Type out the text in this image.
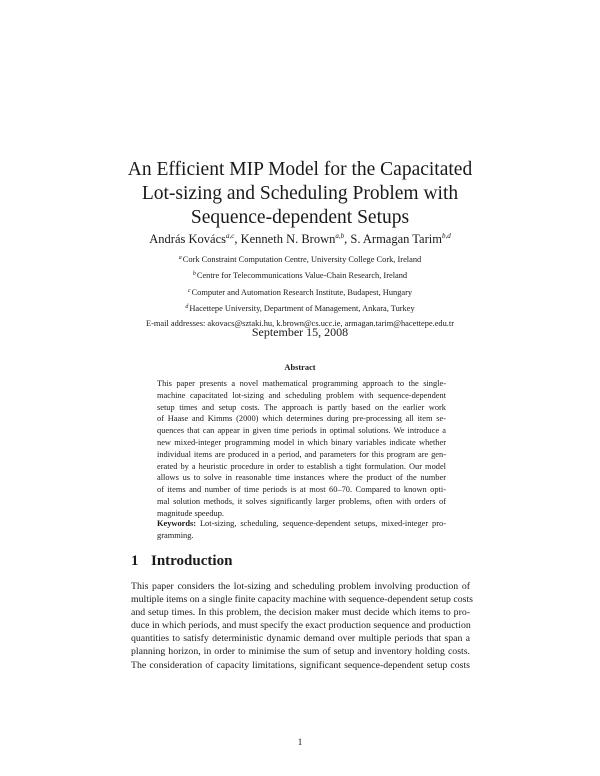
An Efficient MIP Model for the Capacitated
Lot-sizing and Scheduling Problem with
Sequence-dependent Setups
András Kovács$^{a,c}$, Kenneth N. Brown$^{a,b}$, S. Armagan Tarim$^{b,d}$
$^a$Cork Constraint Computation Centre, University College Cork, Ireland
$^b$Centre for Telecommunications Value-Chain Research, Ireland
$^c$Computer and Automation Research Institute, Budapest, Hungary
$^d$Hacettepe University, Department of Management, Ankara, Turkey
E-mail addresses: akovacs@sztaki.hu, k.brown@cs.ucc.ie, armagan.tarim@hacettepe.edu.tr
September 15, 2008
Abstract
This paper presents a novel mathematical programming approach to the single-
machine capacitated lot-sizing and scheduling problem with sequence-dependent
setup times and setup costs. The approach is partly based on the earlier work
of Haase and Kimms (2000) which determines during pre-processing all item se-
quences that can appear in given time periods in optimal solutions. We introduce a
new mixed-integer programming model in which binary variables indicate whether
individual items are produced in a period, and parameters for this program are gen-
erated by a heuristic procedure in order to establish a tight formulation. Our model
allows us to solve in reasonable time instances where the product of the number
of items and number of time periods is at most 60–70. Compared to known opti-
mal solution methods, it solves significantly larger problems, often with orders of
magnitude speedup.
Keywords: Lot-sizing, scheduling, sequence-dependent setups, mixed-integer pro-
gramming.
1 Introduction
This paper considers the lot-sizing and scheduling problem involving production of
multiple items on a single finite capacity machine with sequence-dependent setup costs
and setup times. In this problem, the decision maker must decide which items to pro-
duce in which periods, and must specify the exact production sequence and production
quantities to satisfy deterministic dynamic demand over multiple periods that span a
planning horizon, in order to minimise the sum of setup and inventory holding costs.
The consideration of capacity limitations, significant sequence-dependent setup costs
1
